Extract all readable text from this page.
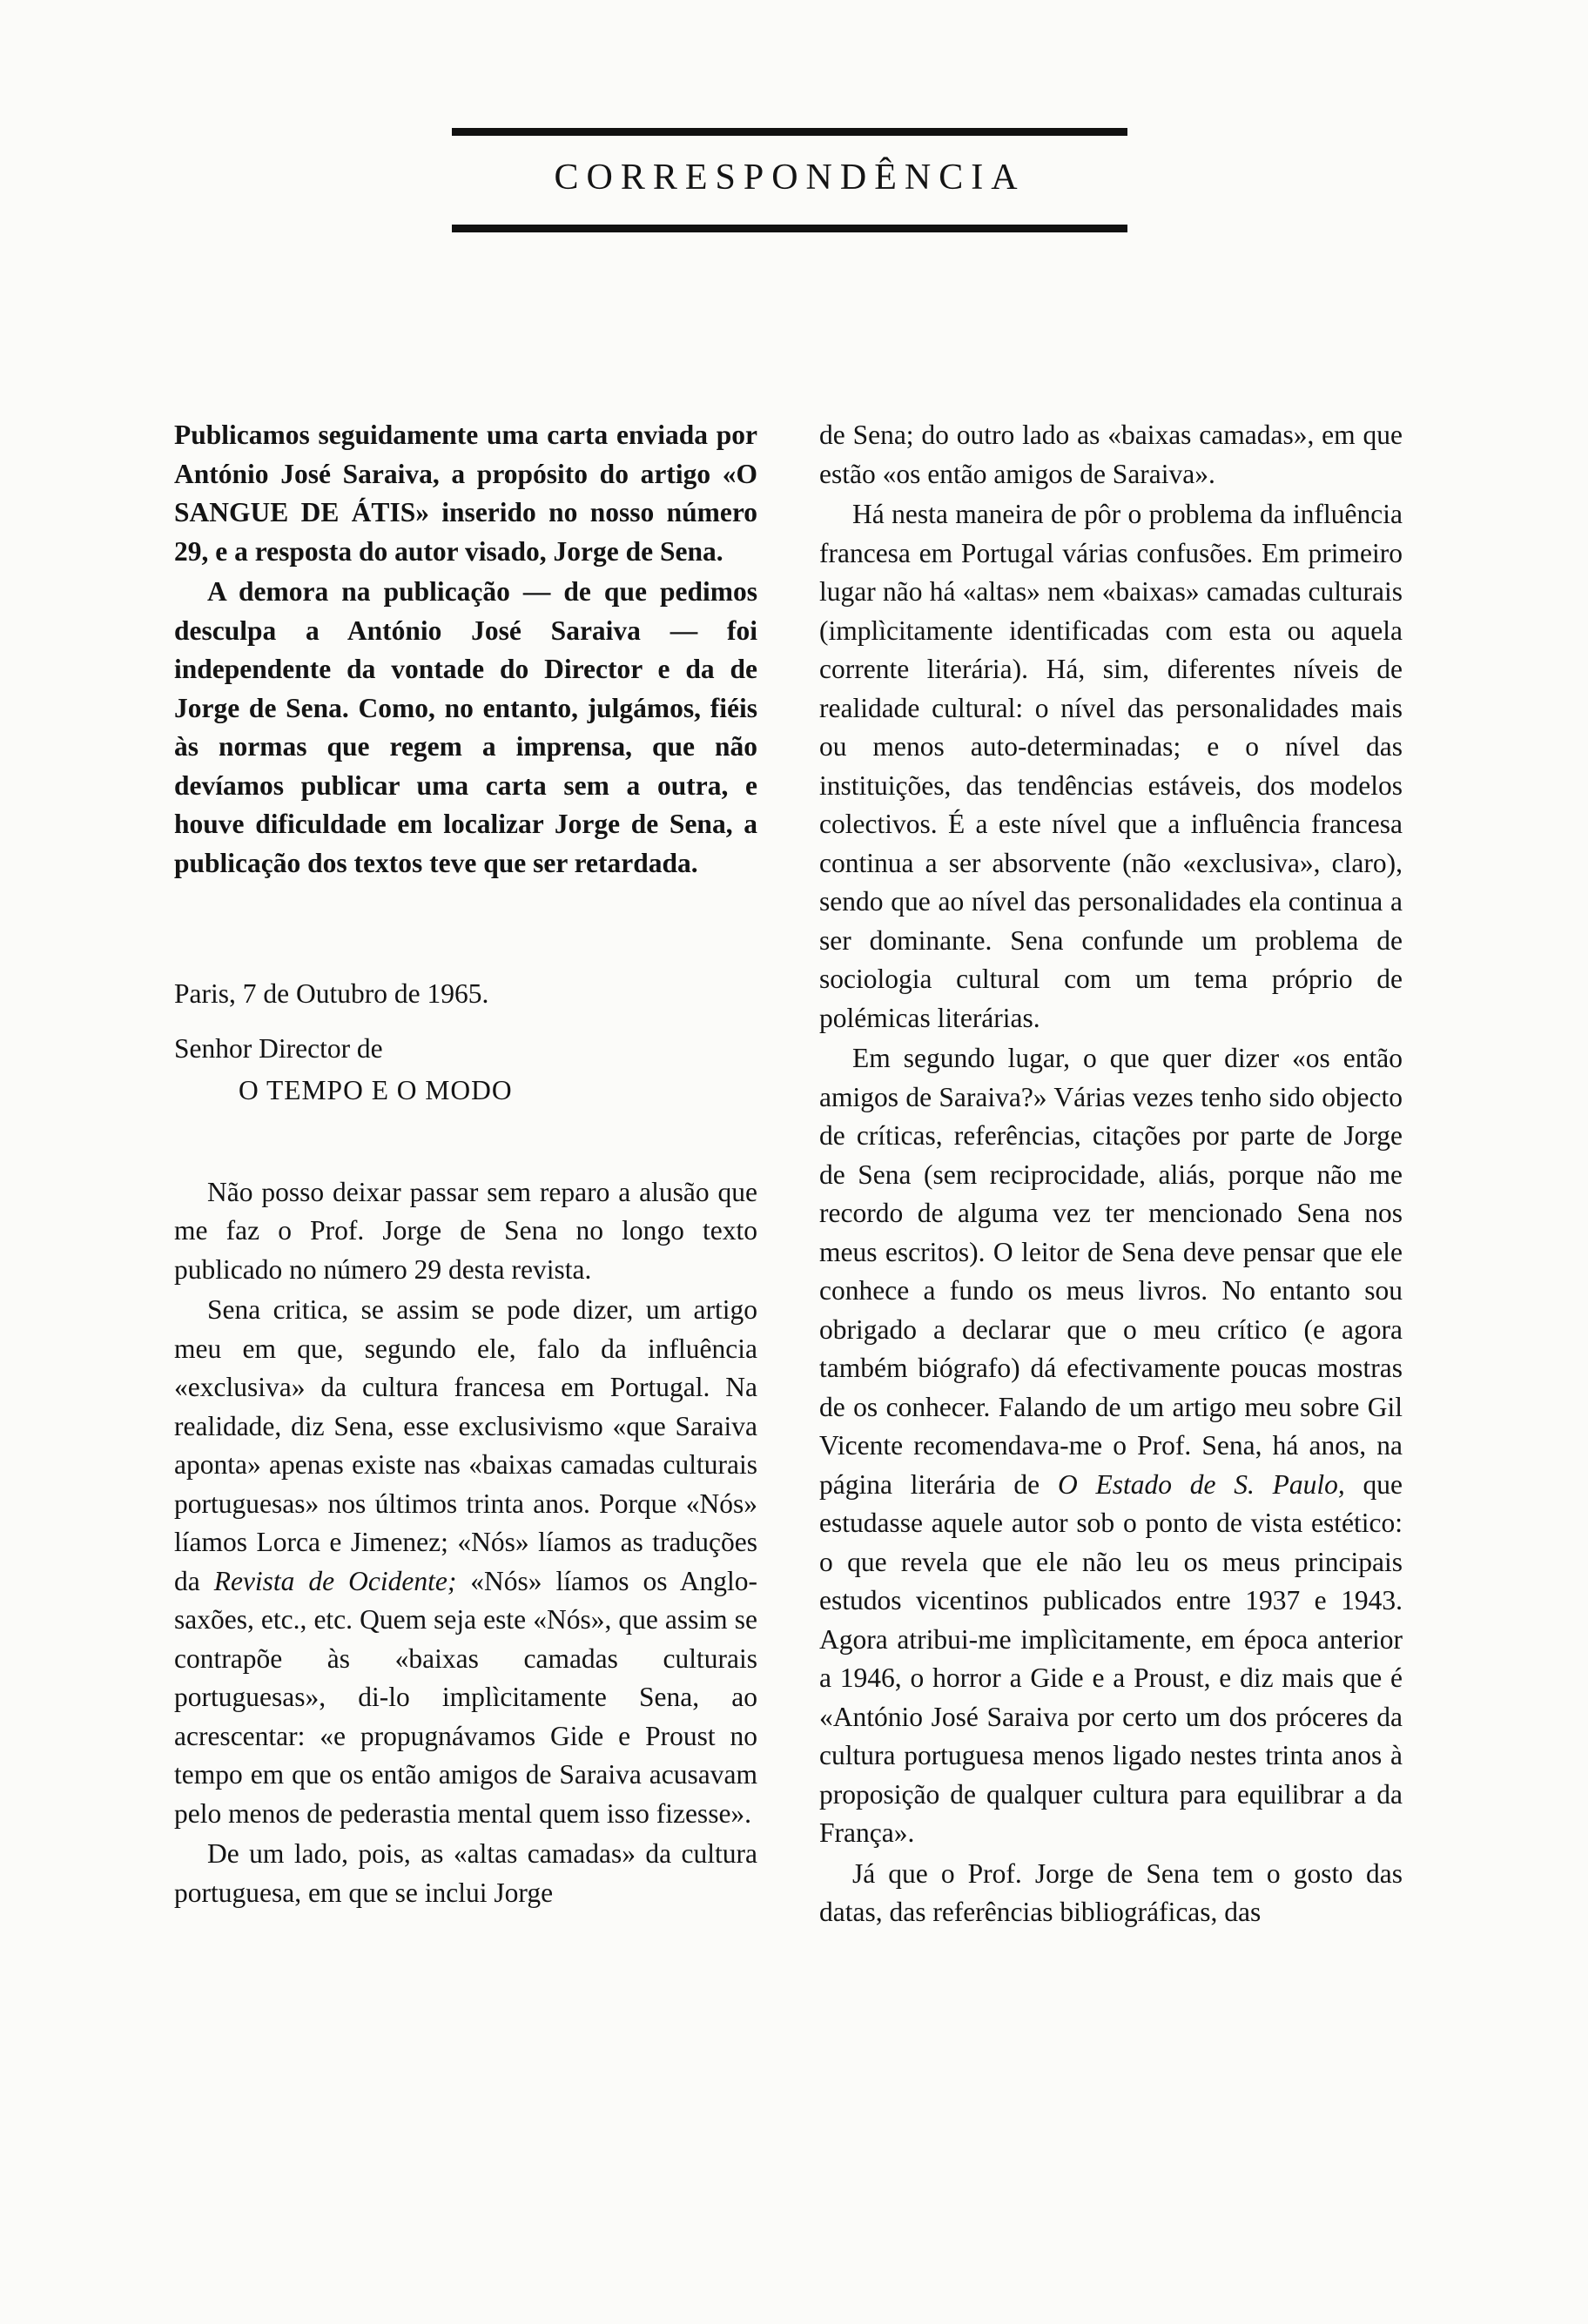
CORRESPONDÊNCIA

Publicamos seguidamente uma carta enviada por António José Saraiva, a propósito do artigo «O SANGUE DE ÁTIS» inserido no nosso número 29, e a resposta do autor visado, Jorge de Sena.

A demora na publicação — de que pedimos desculpa a António José Saraiva — foi independente da vontade do Director e da de Jorge de Sena. Como, no entanto, julgámos, fiéis às normas que regem a imprensa, que não devíamos publicar uma carta sem a outra, e houve dificuldade em localizar Jorge de Sena, a publicação dos textos teve que ser retardada.

Paris, 7 de Outubro de 1965.

Senhor Director de

O TEMPO E O MODO

Não posso deixar passar sem reparo a alusão que me faz o Prof. Jorge de Sena no longo texto publicado no número 29 desta revista.

Sena critica, se assim se pode dizer, um artigo meu em que, segundo ele, falo da influência «exclusiva» da cultura francesa em Portugal. Na realidade, diz Sena, esse exclusivismo «que Saraiva aponta» apenas existe nas «baixas camadas culturais portuguesas» nos últimos trinta anos. Porque «Nós» líamos Lorca e Jimenez; «Nós» líamos as traduções da Revista de Ocidente; «Nós» líamos os Anglo-saxões, etc., etc. Quem seja este «Nós», que assim se contrapõe às «baixas camadas culturais portuguesas», di-lo implìcitamente Sena, ao acrescentar: «e propugnávamos Gide e Proust no tempo em que os então amigos de Saraiva acusavam pelo menos de pederastia mental quem isso fizesse».

De um lado, pois, as «altas camadas» da cultura portuguesa, em que se inclui Jorge

de Sena; do outro lado as «baixas camadas», em que estão «os então amigos de Saraiva».

Há nesta maneira de pôr o problema da influência francesa em Portugal várias confusões. Em primeiro lugar não há «altas» nem «baixas» camadas culturais (implìcitamente identificadas com esta ou aquela corrente literária). Há, sim, diferentes níveis de realidade cultural: o nível das personalidades mais ou menos auto-determinadas; e o nível das instituições, das tendências estáveis, dos modelos colectivos. É a este nível que a influência francesa continua a ser absorvente (não «exclusiva», claro), sendo que ao nível das personalidades ela continua a ser dominante. Sena confunde um problema de sociologia cultural com um tema próprio de polémicas literárias.

Em segundo lugar, o que quer dizer «os então amigos de Saraiva?» Várias vezes tenho sido objecto de críticas, referências, citações por parte de Jorge de Sena (sem reciprocidade, aliás, porque não me recordo de alguma vez ter mencionado Sena nos meus escritos). O leitor de Sena deve pensar que ele conhece a fundo os meus livros. No entanto sou obrigado a declarar que o meu crítico (e agora também biógrafo) dá efectivamente poucas mostras de os conhecer. Falando de um artigo meu sobre Gil Vicente recomendava-me o Prof. Sena, há anos, na página literária de O Estado de S. Paulo, que estudasse aquele autor sob o ponto de vista estético: o que revela que ele não leu os meus principais estudos vicentinos publicados entre 1937 e 1943. Agora atribui-me implìcitamente, em época anterior a 1946, o horror a Gide e a Proust, e diz mais que é «António José Saraiva por certo um dos próceres da cultura portuguesa menos ligado nestes trinta anos à proposição de qualquer cultura para equilibrar a da França».

Já que o Prof. Jorge de Sena tem o gosto das datas, das referências bibliográficas, das
